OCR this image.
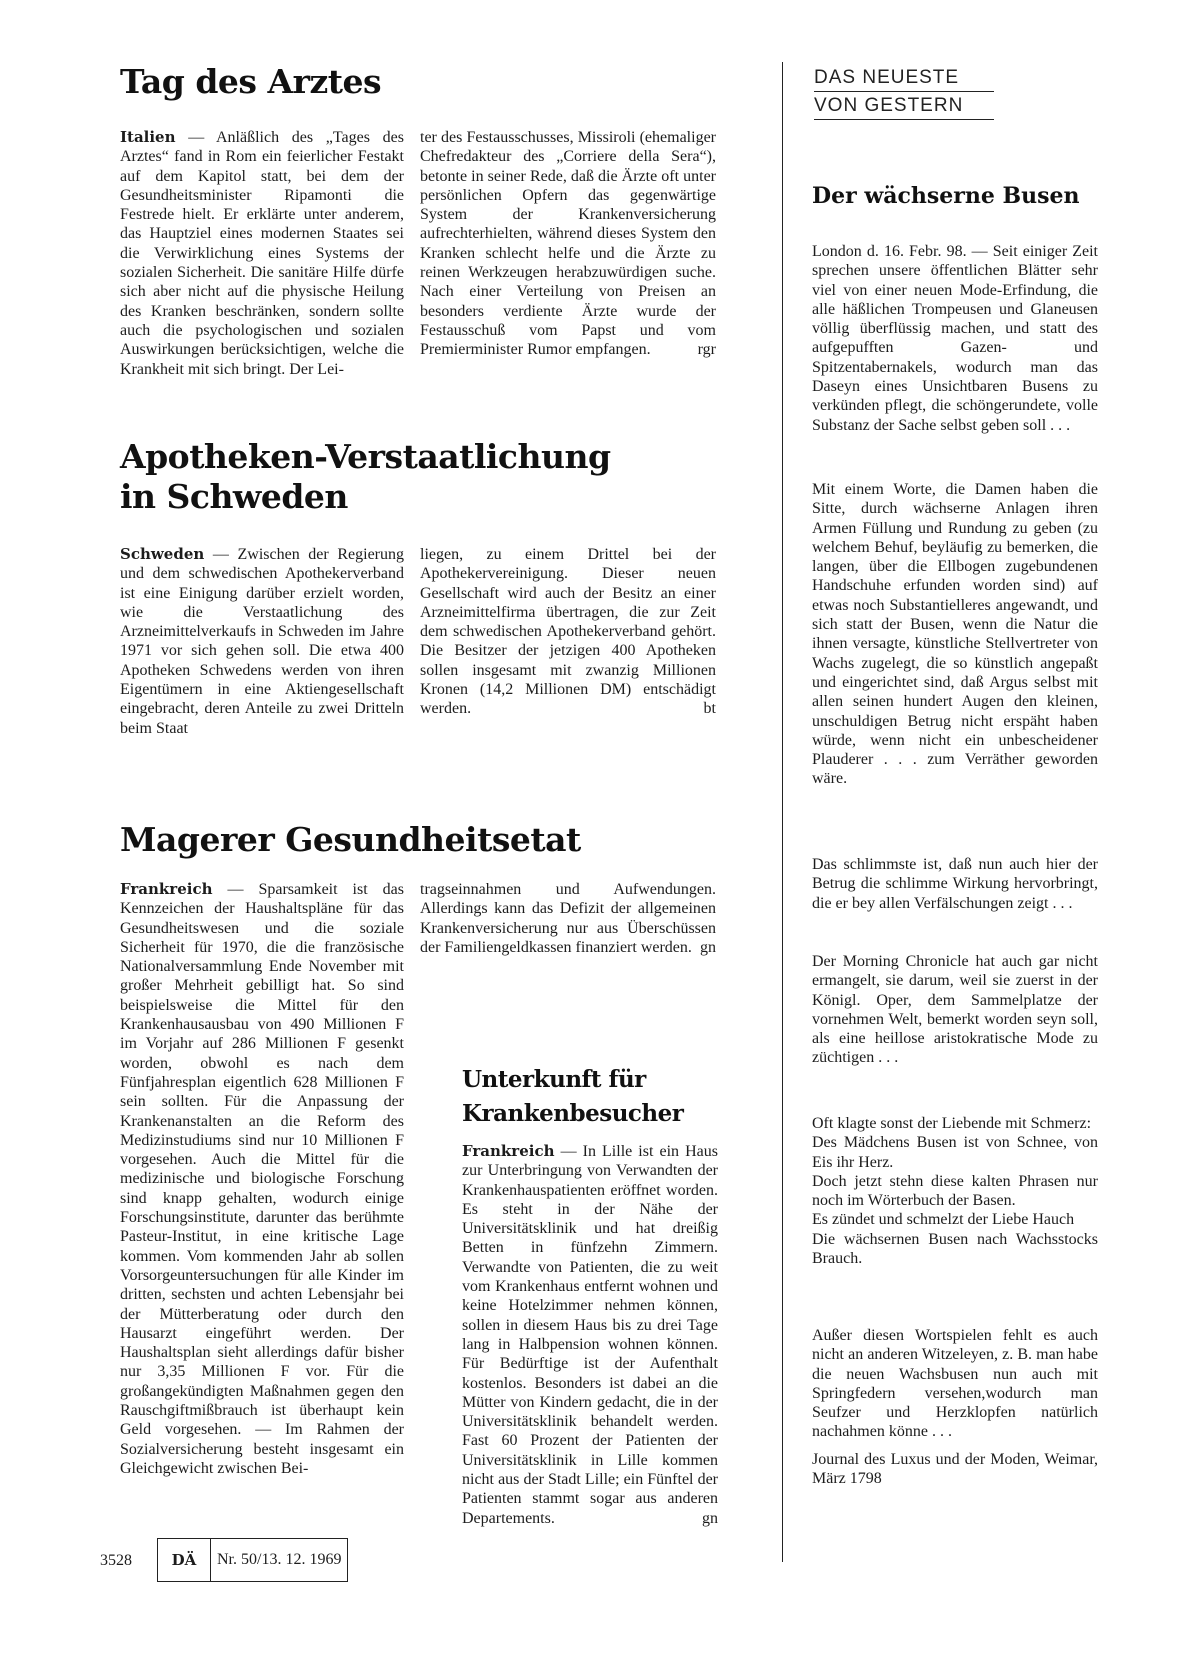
Tag des Arztes

Italien — Anläßlich des „Tages des Arztes“ fand in Rom ein feierlicher Festakt auf dem Kapitol statt, bei dem der Gesundheitsminister Ripamonti die Festrede hielt. Er erklärte unter anderem, das Hauptziel eines modernen Staates sei die Verwirklichung eines Systems der sozialen Sicherheit. Die sanitäre Hilfe dürfe sich aber nicht auf die physische Heilung des Kranken beschränken, sondern sollte auch die psychologischen und sozialen Auswirkungen berücksichtigen, welche die Krankheit mit sich bringt. Der Lei-

ter des Festausschusses, Missiroli (ehemaliger Chefredakteur des „Corriere della Sera“), betonte in seiner Rede, daß die Ärzte oft unter persönlichen Opfern das gegenwärtige System der Krankenversicherung aufrechterhielten, während dieses System den Kranken schlecht helfe und die Ärzte zu reinen Werkzeugen herabzuwürdigen suche. Nach einer Verteilung von Preisen an besonders verdiente Ärzte wurde der Festausschuß vom Papst und vom Premierminister Rumor empfangen.	rgr

Apotheken-Verstaatlichung
in Schweden

Schweden — Zwischen der Regierung und dem schwedischen Apothekerverband ist eine Einigung darüber erzielt worden, wie die Verstaatlichung des Arzneimittelverkaufs in Schweden im Jahre 1971 vor sich gehen soll. Die etwa 400 Apotheken Schwedens werden von ihren Eigentümern in eine Aktiengesellschaft eingebracht, deren Anteile zu zwei Dritteln beim Staat

liegen, zu einem Drittel bei der Apothekervereinigung. Dieser neuen Gesellschaft wird auch der Besitz an einer Arzneimittelfirma übertragen, die zur Zeit dem schwedischen Apothekerverband gehört. Die Besitzer der jetzigen 400 Apotheken sollen insgesamt mit zwanzig Millionen Kronen (14,2 Millionen DM) entschädigt werden.	bt

Magerer Gesundheitsetat

Frankreich — Sparsamkeit ist das Kennzeichen der Haushaltspläne für das Gesundheitswesen und die soziale Sicherheit für 1970, die die französische Nationalversammlung Ende November mit großer Mehrheit gebilligt hat. So sind beispielsweise die Mittel für den Krankenhausausbau von 490 Millionen F im Vorjahr auf 286 Millionen F gesenkt worden, obwohl es nach dem Fünfjahresplan eigentlich 628 Millionen F sein sollten. Für die Anpassung der Krankenanstalten an die Reform des Medizinstudiums sind nur 10 Millionen F vorgesehen. Auch die Mittel für die medizinische und biologische Forschung sind knapp gehalten, wodurch einige Forschungsinstitute, darunter das berühmte Pasteur-Institut, in eine kritische Lage kommen. Vom kommenden Jahr ab sollen Vorsorgeuntersuchungen für alle Kinder im dritten, sechsten und achten Lebensjahr bei der Mütterberatung oder durch den Hausarzt eingeführt werden. Der Haushaltsplan sieht allerdings dafür bisher nur 3,35 Millionen F vor. Für die großangekündigten Maßnahmen gegen den Rauschgiftmißbrauch ist überhaupt kein Geld vorgesehen. — Im Rahmen der Sozialversicherung besteht insgesamt ein Gleichgewicht zwischen Bei-

tragseinnahmen und Aufwendungen. Allerdings kann das Defizit der allgemeinen Krankenversicherung nur aus Überschüssen der Familiengeldkassen finanziert werden. gn

Unterkunft für
Krankenbesucher

Frankreich — In Lille ist ein Haus zur Unterbringung von Verwandten der Krankenhauspatienten eröffnet worden. Es steht in der Nähe der Universitätsklinik und hat dreißig Betten in fünfzehn Zimmern. Verwandte von Patienten, die zu weit vom Krankenhaus entfernt wohnen und keine Hotelzimmer nehmen können, sollen in diesem Haus bis zu drei Tage lang in Halbpension wohnen können. Für Bedürftige ist der Aufenthalt kostenlos. Besonders ist dabei an die Mütter von Kindern gedacht, die in der Universitätsklinik behandelt werden. Fast 60 Prozent der Patienten der Universitätsklinik in Lille kommen nicht aus der Stadt Lille; ein Fünftel der Patienten stammt sogar aus anderen Departements.	gn

DAS NEUESTE
VON GESTERN
Der wächserne Busen

London d. 16. Febr. 98. — Seit einiger Zeit sprechen unsere öffentlichen Blätter sehr viel von einer neuen Mode-Erfindung, die alle häßlichen Trompeusen und Glaneusen völlig überflüssig machen, und statt des aufgepufften Gazen- und Spitzentabernakels, wodurch man das Daseyn eines Unsichtbaren Busens zu verkünden pflegt, die schöngerundete, volle Substanz der Sache selbst geben soll . . .

Mit einem Worte, die Damen haben die Sitte, durch wächserne Anlagen ihren Armen Füllung und Rundung zu geben (zu welchem Behuf, beyläufig zu bemerken, die langen, über die Ellbogen zugebundenen Handschuhe erfunden worden sind) auf etwas noch Substantielleres angewandt, und sich statt der Busen, wenn die Natur die ihnen versagte, künstliche Stellvertreter von Wachs zugelegt, die so künstlich angepaßt und eingerichtet sind, daß Argus selbst mit allen seinen hundert Augen den kleinen, unschuldigen Betrug nicht erspäht haben würde, wenn nicht ein unbescheidener Plauderer . . . zum Verräther geworden wäre.

Das schlimmste ist, daß nun auch hier der Betrug die schlimme Wirkung hervorbringt, die er bey allen Verfälschungen zeigt . . .

Der Morning Chronicle hat auch gar nicht ermangelt, sie darum, weil sie zuerst in der Königl. Oper, dem Sammelplatze der vornehmen Welt, bemerkt worden seyn soll, als eine heillose aristokratische Mode zu züchtigen . . .

Oft klagte sonst der Liebende mit Schmerz:
Des Mädchens Busen ist von Schnee, von Eis ihr Herz.
Doch jetzt stehn diese kalten Phrasen nur noch im Wörterbuch der Basen.
Es zündet und schmelzt der Liebe Hauch
Die wächsernen Busen nach Wachsstocks Brauch.

Außer diesen Wortspielen fehlt es auch nicht an anderen Witzeleyen, z. B. man habe die neuen Wachsbusen nun auch mit Springfedern versehen,wodurch man Seufzer und Herzklopfen natürlich nachahmen könne . . .

Journal des Luxus und der Moden, Weimar, März 1798

3528	DÄ	Nr. 50/13. 12. 1969
